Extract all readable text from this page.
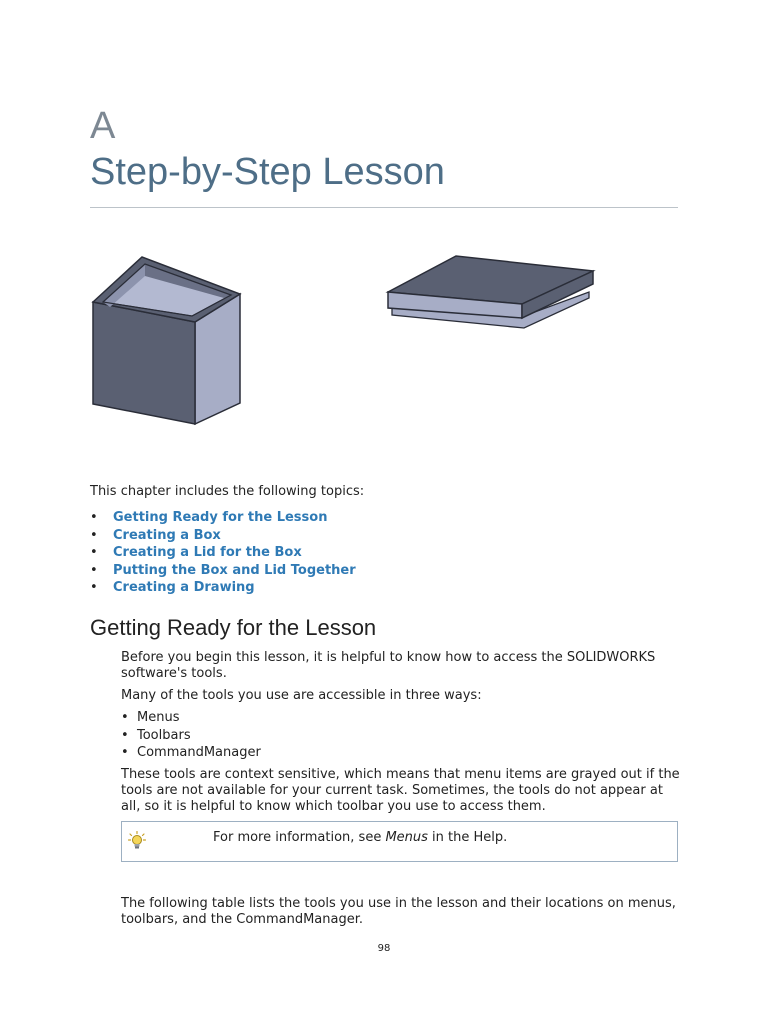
A
Step-by-Step Lesson
This chapter includes the following topics:
• Getting Ready for the Lesson
• Creating a Box
• Creating a Lid for the Box
• Putting the Box and Lid Together
• Creating a Drawing
Getting Ready for the Lesson
Before you begin this lesson, it is helpful to know how to access the SOLIDWORKS software's tools.
Many of the tools you use are accessible in three ways:
• Menus
• Toolbars
• CommandManager
These tools are context sensitive, which means that menu items are grayed out if the tools are not available for your current task. Sometimes, the tools do not appear at all, so it is helpful to know which toolbar you use to access them.
For more information, see Menus in the Help.
The following table lists the tools you use in the lesson and their locations on menus, toolbars, and the CommandManager.
98
